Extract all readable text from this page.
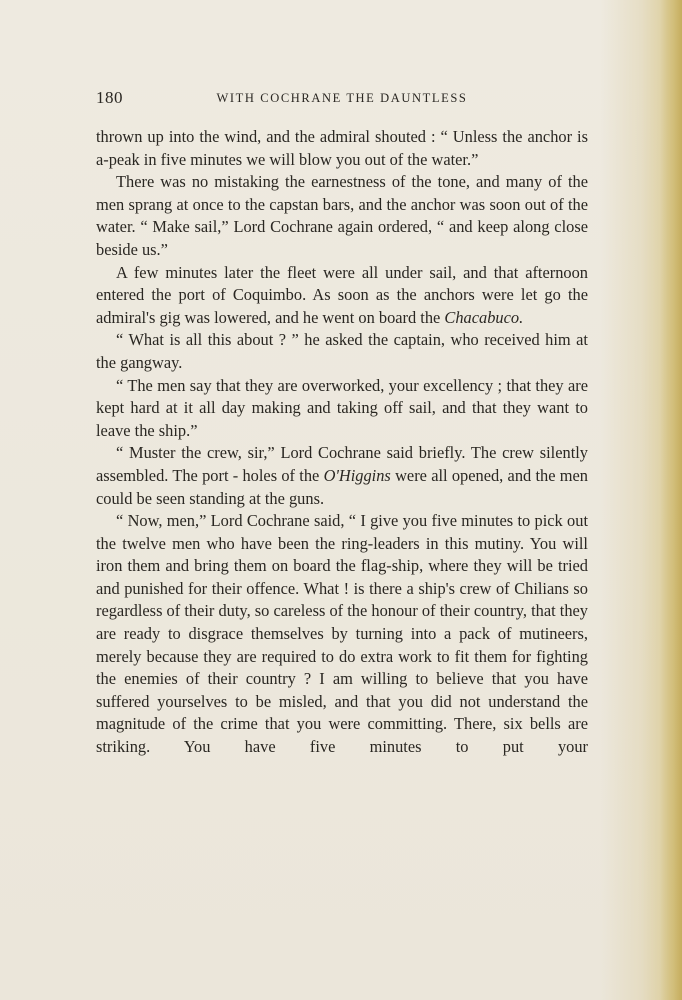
180	WITH COCHRANE THE DAUNTLESS

thrown up into the wind, and the admiral shouted : “ Unless the anchor is a-peak in five minutes we will blow you out of the water.”

There was no mistaking the earnestness of the tone, and many of the men sprang at once to the capstan bars, and the anchor was soon out of the water. “ Make sail,” Lord Cochrane again ordered, “ and keep along close beside us.”

A few minutes later the fleet were all under sail, and that afternoon entered the port of Coquimbo. As soon as the anchors were let go the admiral's gig was lowered, and he went on board the Chacabuco.

“ What is all this about ? ” he asked the captain, who received him at the gangway.

“ The men say that they are overworked, your excellency ; that they are kept hard at it all day making and taking off sail, and that they want to leave the ship.”

“ Muster the crew, sir,” Lord Cochrane said briefly. The crew silently assembled. The port - holes of the O'Higgins were all opened, and the men could be seen standing at the guns.

“ Now, men,” Lord Cochrane said, “ I give you five minutes to pick out the twelve men who have been the ring-leaders in this mutiny. You will iron them and bring them on board the flag-ship, where they will be tried and punished for their offence. What ! is there a ship's crew of Chilians so regardless of their duty, so careless of the honour of their country, that they are ready to disgrace themselves by turning into a pack of mutineers, merely because they are required to do extra work to fit them for fighting the enemies of their country ? I am willing to believe that you have suffered yourselves to be misled, and that you did not understand the magnitude of the crime that you were committing. There, six bells are striking. You have five minutes to put your
